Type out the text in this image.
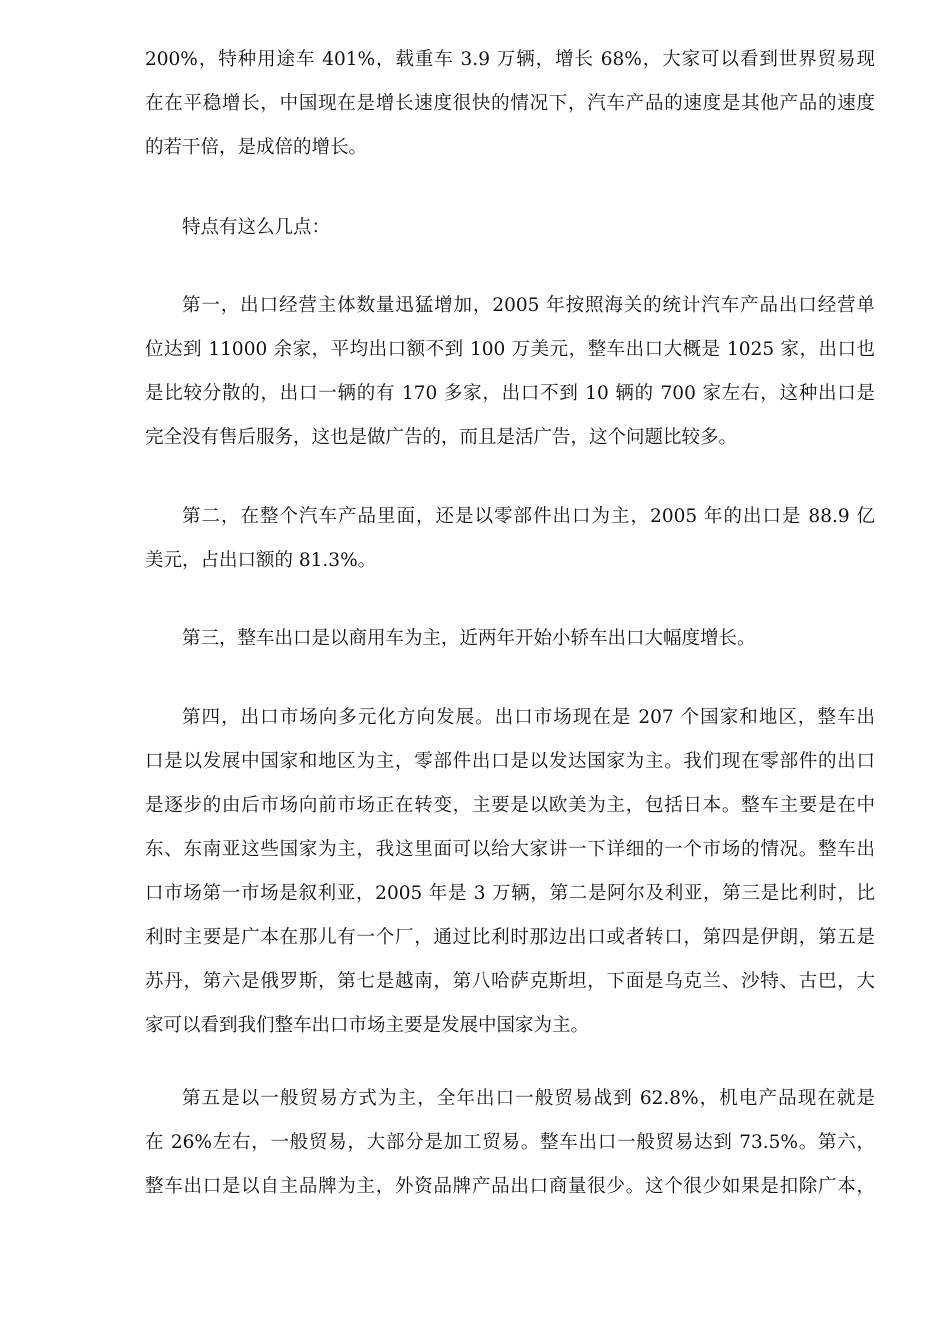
200%，特种用途车 401%，载重车 3.9 万辆，增长 68%，大家可以看到世界贸易现
在在平稳增长，中国现在是增长速度很快的情况下，汽车产品的速度是其他产品的速度
的若干倍，是成倍的增长。
特点有这么几点：
第一，出口经营主体数量迅猛增加，2005 年按照海关的统计汽车产品出口经营单
位达到 11000 余家，平均出口额不到 100 万美元，整车出口大概是 1025 家，出口也
是比较分散的，出口一辆的有 170 多家，出口不到 10 辆的 700 家左右，这种出口是
完全没有售后服务，这也是做广告的，而且是活广告，这个问题比较多。
第二，在整个汽车产品里面，还是以零部件出口为主，2005 年的出口是 88.9 亿
美元，占出口额的 81.3%。
第三，整车出口是以商用车为主，近两年开始小轿车出口大幅度增长。
第四，出口市场向多元化方向发展。出口市场现在是 207 个国家和地区，整车出
口是以发展中国家和地区为主，零部件出口是以发达国家为主。我们现在零部件的出口
是逐步的由后市场向前市场正在转变，主要是以欧美为主，包括日本。整车主要是在中
东、东南亚这些国家为主，我这里面可以给大家讲一下详细的一个市场的情况。整车出
口市场第一市场是叙利亚，2005 年是 3 万辆，第二是阿尔及利亚，第三是比利时，比
利时主要是广本在那儿有一个厂，通过比利时那边出口或者转口，第四是伊朗，第五是
苏丹，第六是俄罗斯，第七是越南，第八哈萨克斯坦，下面是乌克兰、沙特、古巴，大
家可以看到我们整车出口市场主要是发展中国家为主。
第五是以一般贸易方式为主，全年出口一般贸易战到 62.8%，机电产品现在就是
在 26%左右，一般贸易，大部分是加工贸易。整车出口一般贸易达到 73.5%。第六，
整车出口是以自主品牌为主，外资品牌产品出口商量很少。这个很少如果是扣除广本，
